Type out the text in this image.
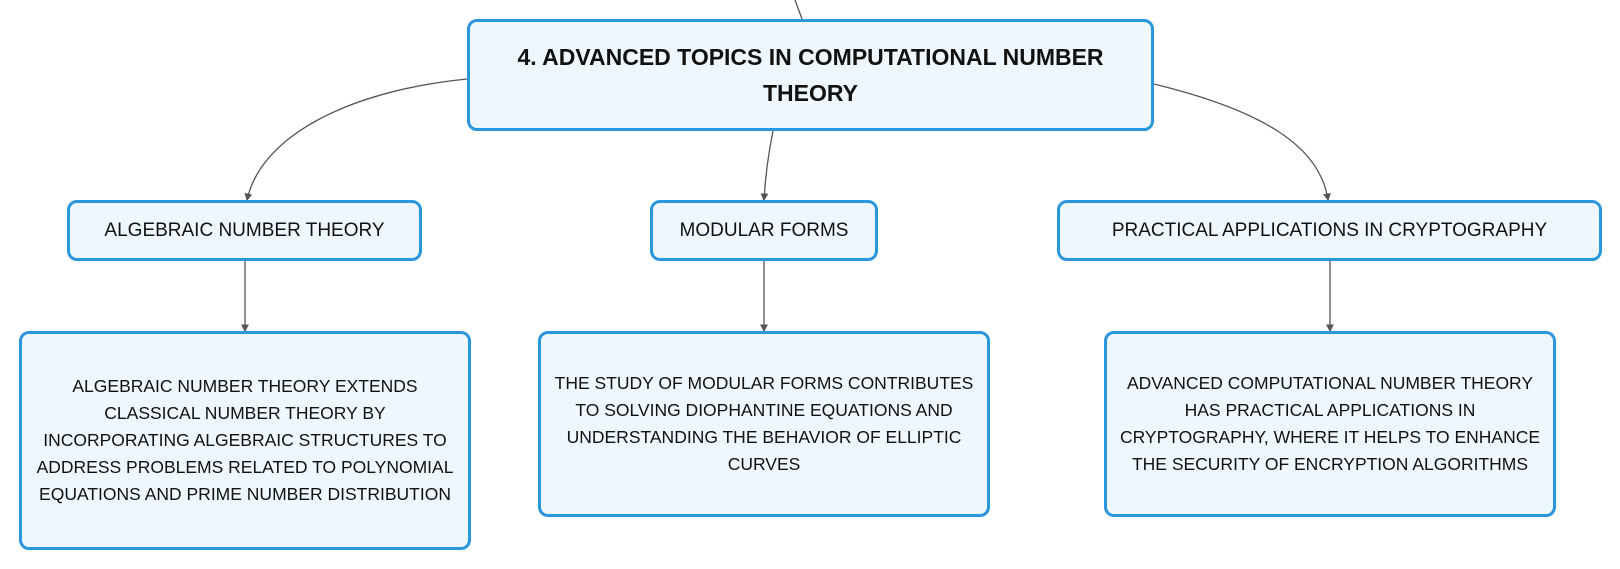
4. ADVANCED TOPICS IN COMPUTATIONAL NUMBER THEORY
ALGEBRAIC NUMBER THEORY	MODULAR FORMS	PRACTICAL APPLICATIONS IN CRYPTOGRAPHY
ALGEBRAIC NUMBER THEORY EXTENDS CLASSICAL NUMBER THEORY BY INCORPORATING ALGEBRAIC STRUCTURES TO ADDRESS PROBLEMS RELATED TO POLYNOMIAL EQUATIONS AND PRIME NUMBER DISTRIBUTION
THE STUDY OF MODULAR FORMS CONTRIBUTES TO SOLVING DIOPHANTINE EQUATIONS AND UNDERSTANDING THE BEHAVIOR OF ELLIPTIC CURVES
ADVANCED COMPUTATIONAL NUMBER THEORY HAS PRACTICAL APPLICATIONS IN CRYPTOGRAPHY, WHERE IT HELPS TO ENHANCE THE SECURITY OF ENCRYPTION ALGORITHMS
